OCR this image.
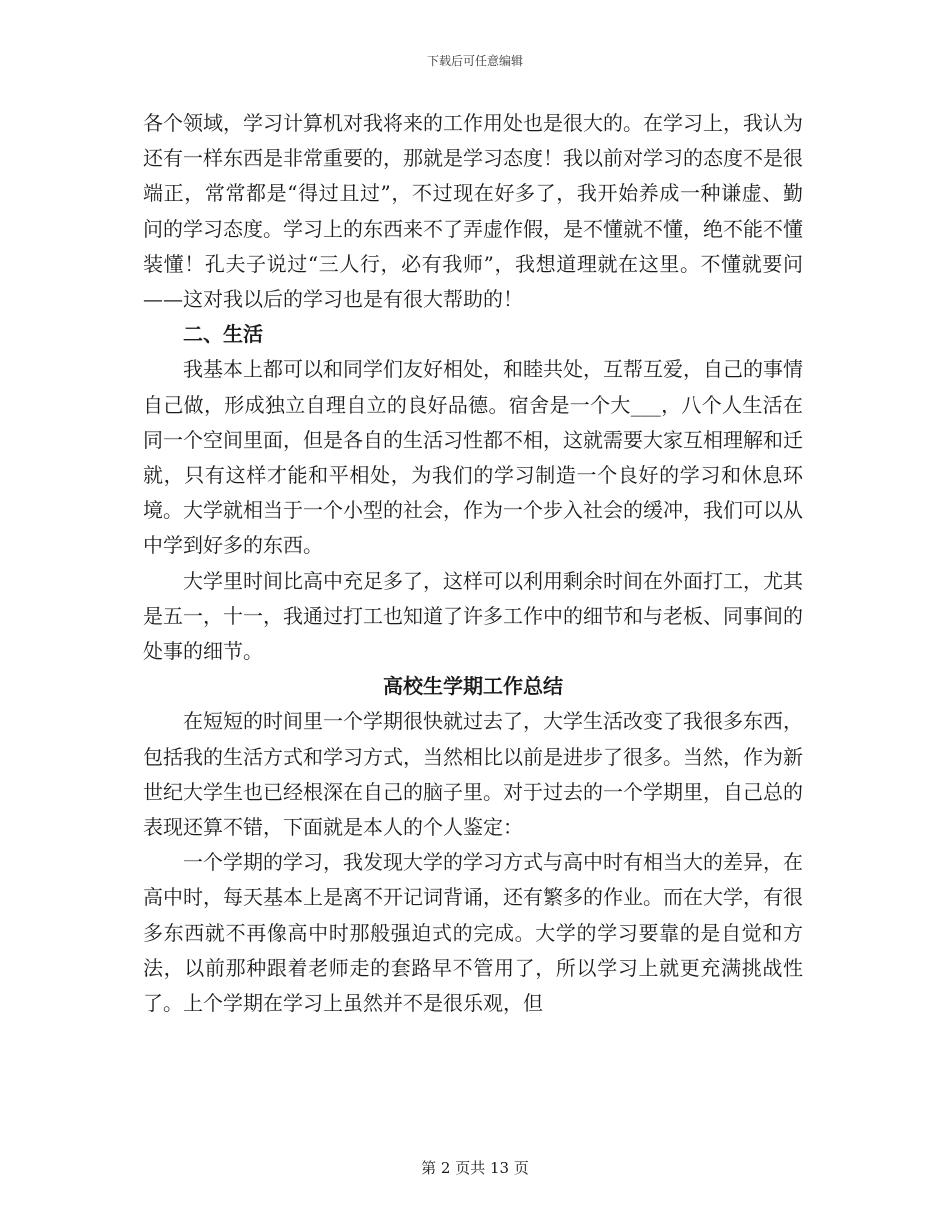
下载后可任意编辑

各个领域，学习计算机对我将来的工作用处也是很大的。在学习上，我认为还有一样东西是非常重要的，那就是学习态度！我以前对学习的态度不是很端正，常常都是“得过且过”，不过现在好多了，我开始养成一种谦虚、勤问的学习态度。学习上的东西来不了弄虚作假，是不懂就不懂，绝不能不懂装懂！孔夫子说过“三人行，必有我师”，我想道理就在这里。不懂就要问——这对我以后的学习也是有很大帮助的！

二、生活

我基本上都可以和同学们友好相处，和睦共处，互帮互爱，自己的事情自己做，形成独立自理自立的良好品德。宿舍是一个大___，八个人生活在同一个空间里面，但是各自的生活习性都不相，这就需要大家互相理解和迁就，只有这样才能和平相处，为我们的学习制造一个良好的学习和休息环境。大学就相当于一个小型的社会，作为一个步入社会的缓冲，我们可以从中学到好多的东西。

大学里时间比高中充足多了，这样可以利用剩余时间在外面打工，尤其是五一，十一，我通过打工也知道了许多工作中的细节和与老板、同事间的处事的细节。

高校生学期工作总结

在短短的时间里一个学期很快就过去了，大学生活改变了我很多东西，包括我的生活方式和学习方式，当然相比以前是进步了很多。当然，作为新世纪大学生也已经根深在自己的脑子里。对于过去的一个学期里，自己总的表现还算不错，下面就是本人的个人鉴定：

一个学期的学习，我发现大学的学习方式与高中时有相当大的差异，在高中时，每天基本上是离不开记词背诵，还有繁多的作业。而在大学，有很多东西就不再像高中时那般强迫式的完成。大学的学习要靠的是自觉和方法，以前那种跟着老师走的套路早不管用了，所以学习上就更充满挑战性了。上个学期在学习上虽然并不是很乐观，但

第 2 页共 13 页
